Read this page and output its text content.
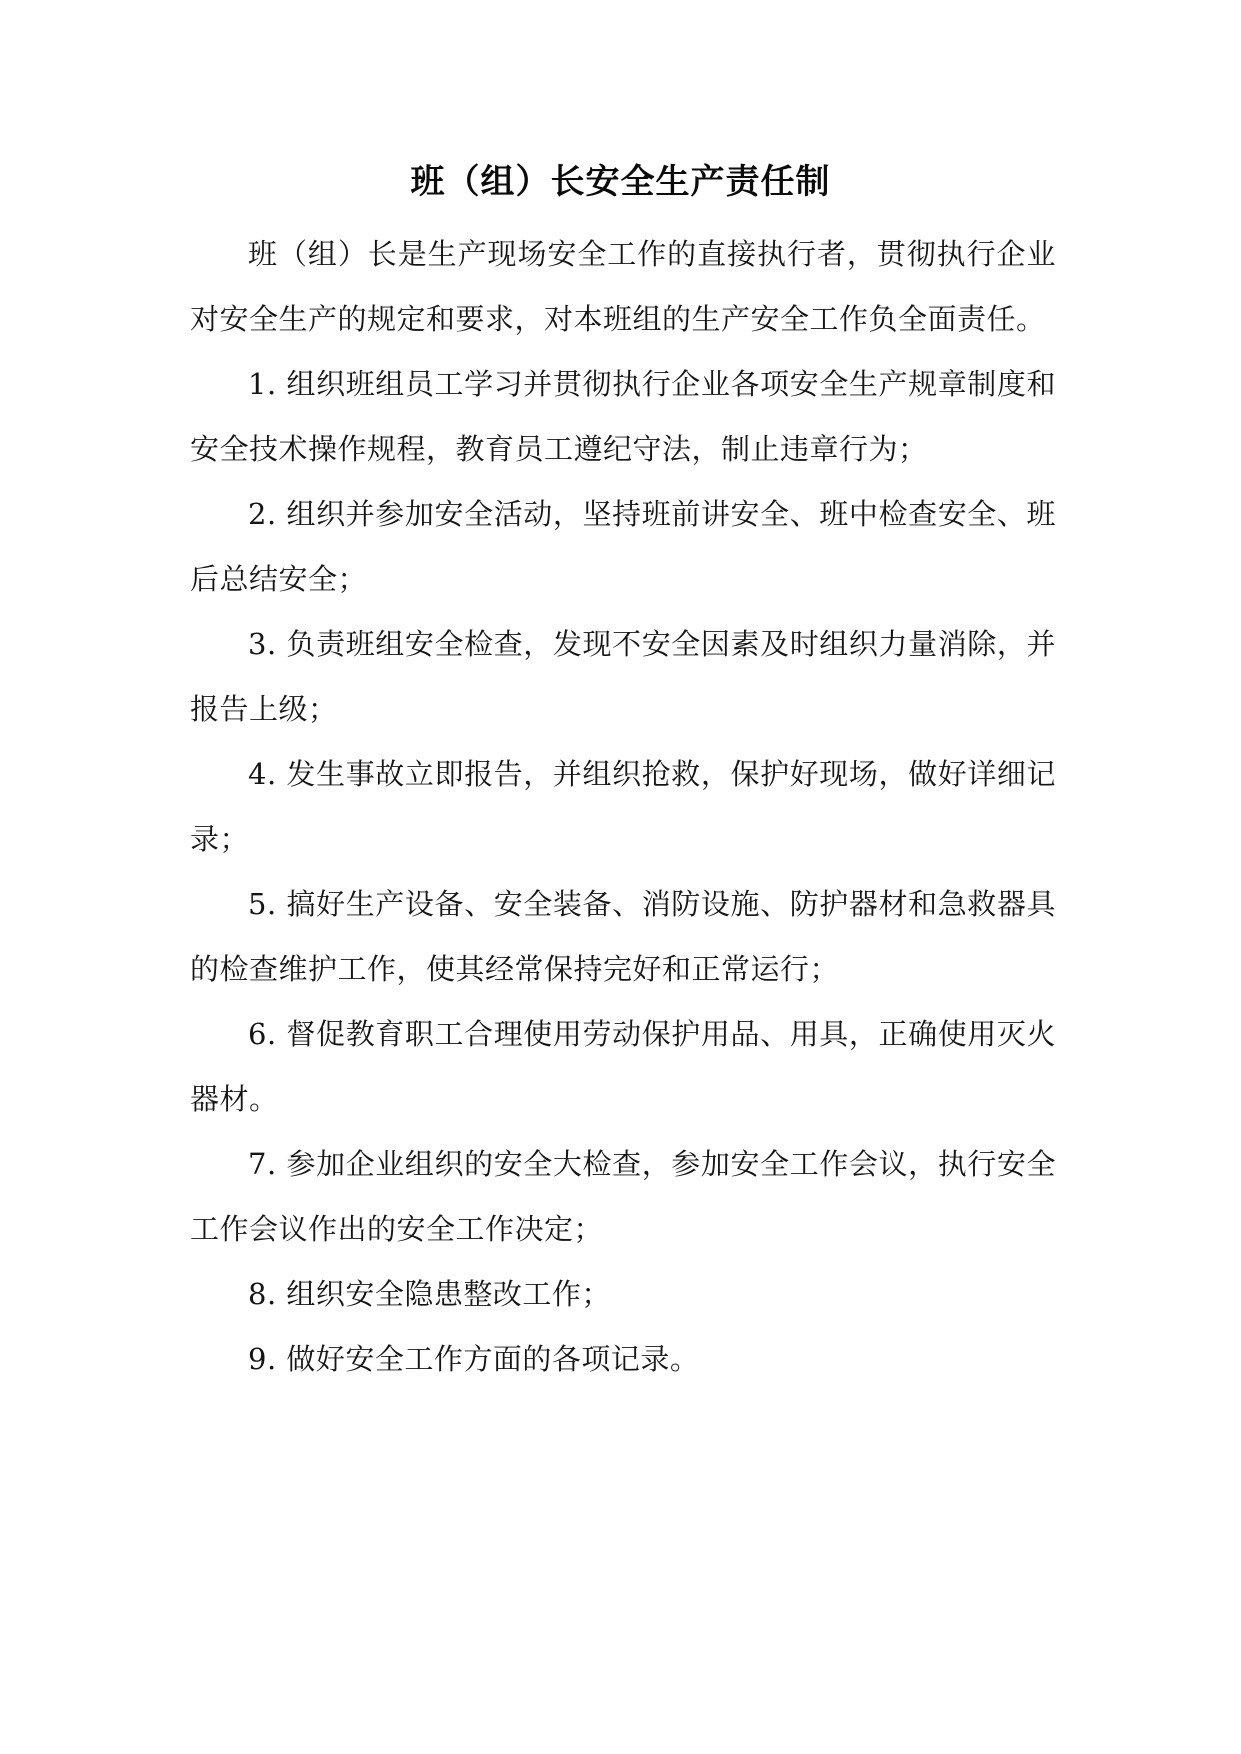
班（组）长安全生产责任制

班（组）长是生产现场安全工作的直接执行者，贯彻执行企业对安全生产的规定和要求，对本班组的生产安全工作负全面责任。

1. 组织班组员工学习并贯彻执行企业各项安全生产规章制度和安全技术操作规程，教育员工遵纪守法，制止违章行为；

2. 组织并参加安全活动，坚持班前讲安全、班中检查安全、班后总结安全；

3. 负责班组安全检查，发现不安全因素及时组织力量消除，并报告上级；

4. 发生事故立即报告，并组织抢救，保护好现场，做好详细记录；

5. 搞好生产设备、安全装备、消防设施、防护器材和急救器具的检查维护工作，使其经常保持完好和正常运行；

6. 督促教育职工合理使用劳动保护用品、用具，正确使用灭火器材。

7. 参加企业组织的安全大检查，参加安全工作会议，执行安全工作会议作出的安全工作决定；

8. 组织安全隐患整改工作；

9. 做好安全工作方面的各项记录。
